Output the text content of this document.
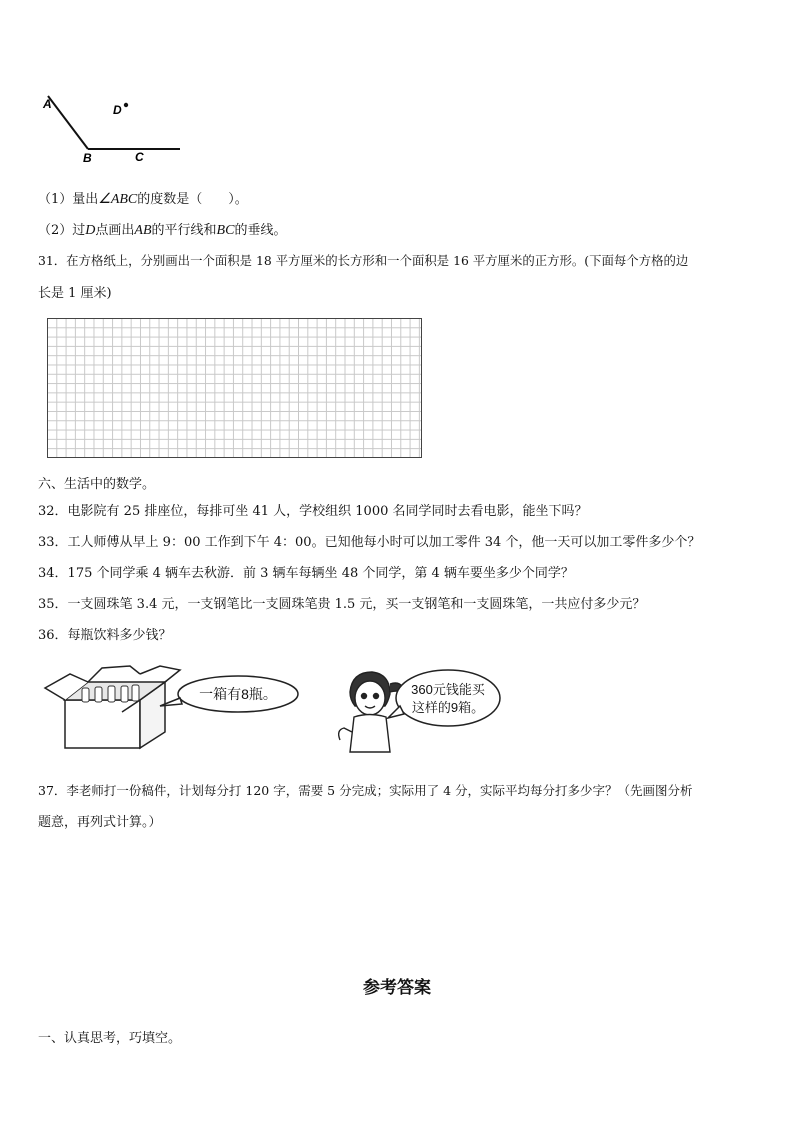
A
B	C
D
（1）量出∠ABC的度数是（　　）。
（2）过D点画出AB的平行线和BC的垂线。
31．在方格纸上，分别画出一个面积是 18 平方厘米的长方形和一个面积是 16 平方厘米的正方形。(下面每个方格的边
长是 1 厘米)
六、生活中的数学。
32．电影院有 25 排座位，每排可坐 41 人，学校组织 1000 名同学同时去看电影，能坐下吗？
33．工人师傅从早上 9：00 工作到下午 4：00。已知他每小时可以加工零件 34 个，他一天可以加工零件多少个？
34．175 个同学乘 4 辆车去秋游．前 3 辆车每辆坐 48 个同学，第 4 辆车要坐多少个同学？
35．一支圆珠笔 3.4 元，一支钢笔比一支圆珠笔贵 1.5 元，买一支钢笔和一支圆珠笔，一共应付多少元？
36．每瓶饮料多少钱？
一箱有8瓶。	360元钱能买
这样的9箱。
37．李老师打一份稿件，计划每分打 120 字，需要 5 分完成；实际用了 4 分，实际平均每分打多少字？（先画图分析
题意，再列式计算。）
参考答案
一、认真思考，巧填空。
